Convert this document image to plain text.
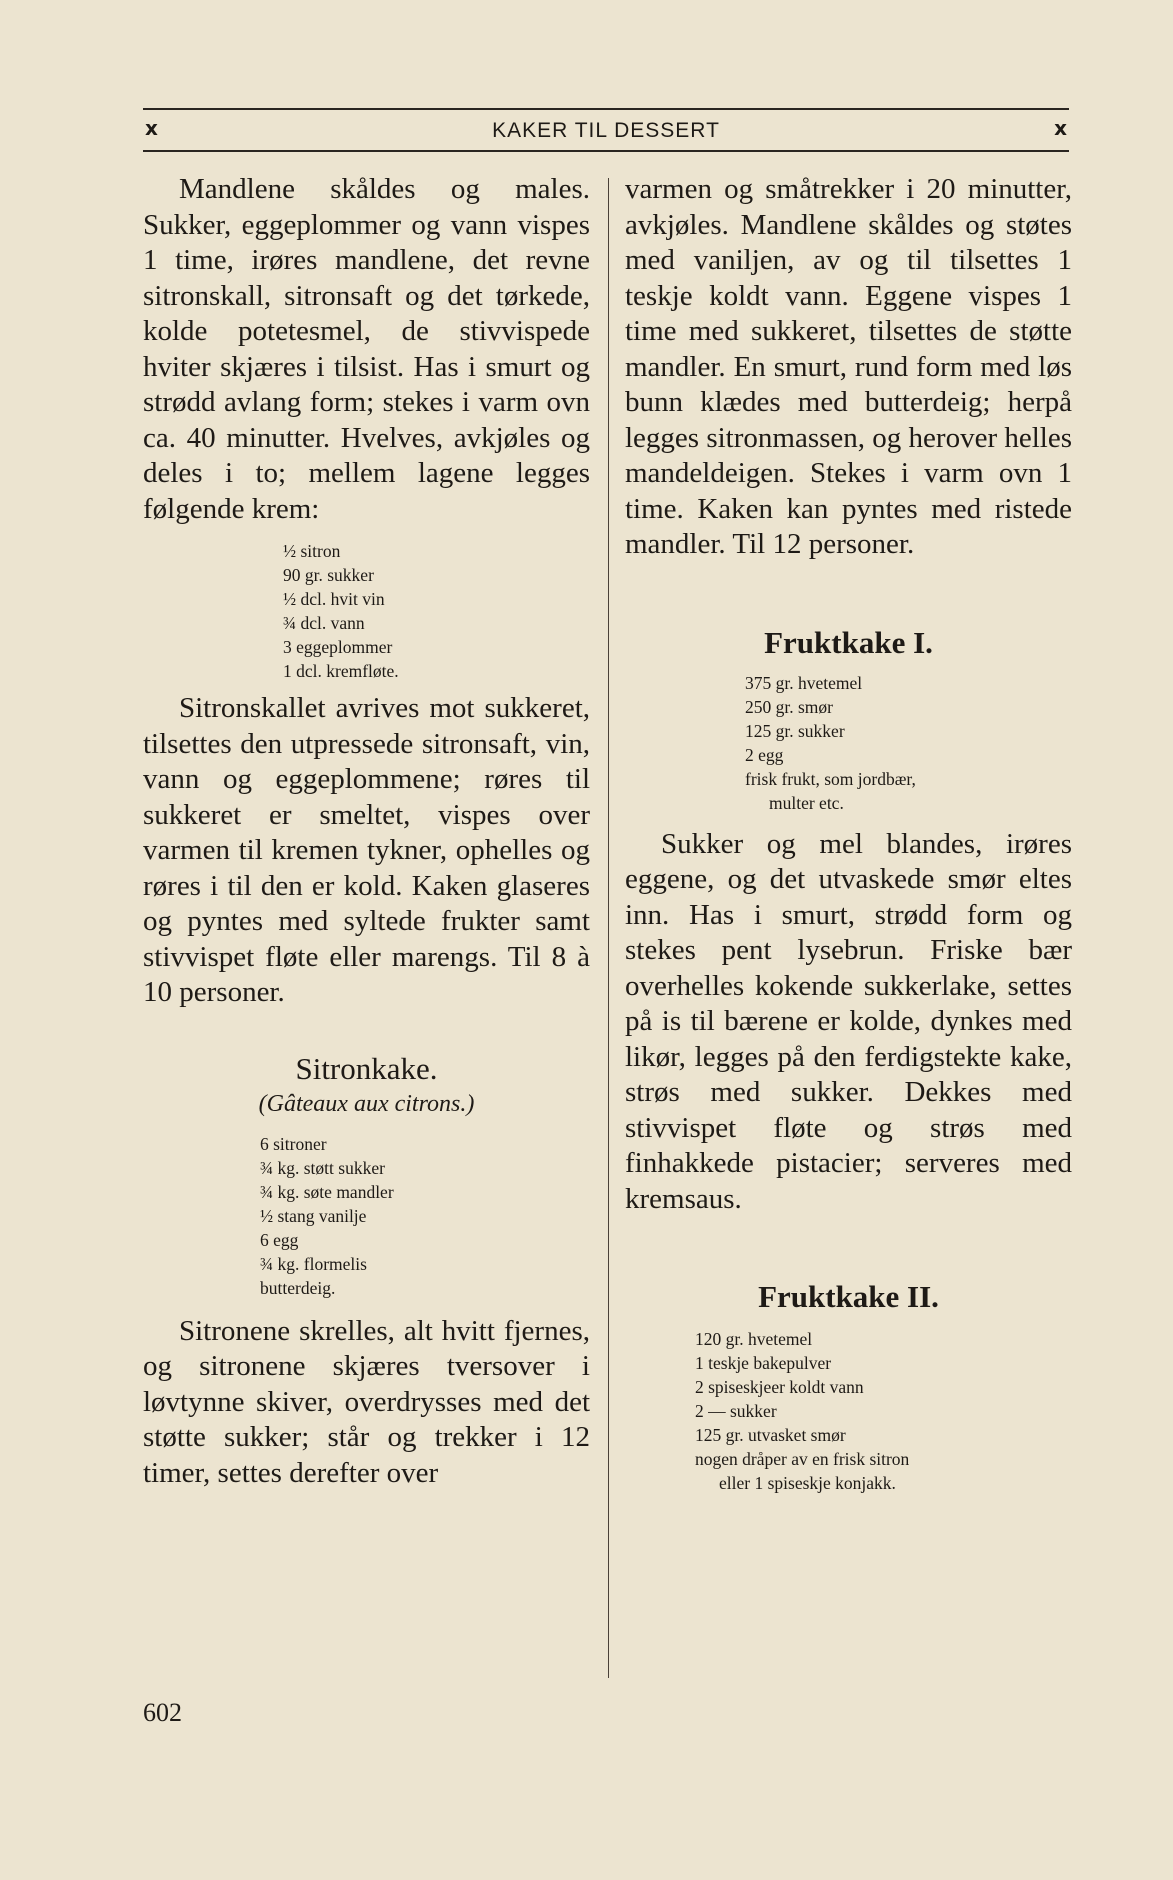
x	KAKER TIL DESSERT	x

Mandlene skåldes og males. Sukker, eggeplommer og vann vispes 1 time, irøres mandlene, det revne sitronskall, sitronsaft og det tørkede, kolde potetesmel, de stivvispede hviter skjæres i tilsist. Has i smurt og strødd avlang form; stekes i varm ovn ca. 40 minutter. Hvelves, avkjøles og deles i to; mellem lagene legges følgende krem:

½ sitron
90 gr. sukker
½ dcl. hvit vin
¾ dcl. vann
3 eggeplommer
1 dcl. kremfløte.

Sitronskallet avrives mot sukkeret, tilsettes den utpressede sitronsaft, vin, vann og eggeplommene; røres til sukkeret er smeltet, vispes over varmen til kremen tykner, ophelles og røres i til den er kold. Kaken glaseres og pyntes med syltede frukter samt stivvispet fløte eller marengs. Til 8 à 10 personer.

Sitronkake.

(Gâteaux aux citrons.)

6 sitroner
¾ kg. støtt sukker
¾ kg. søte mandler
½ stang vanilje
6 egg
¾ kg. flormelis
butterdeig.

Sitronene skrelles, alt hvitt fjernes, og sitronene skjæres tversover i løvtynne skiver, overdrysses med det støtte sukker; står og trekker i 12 timer, settes derefter over

varmen og småtrekker i 20 minutter, avkjøles. Mandlene skåldes og støtes med vaniljen, av og til tilsettes 1 teskje koldt vann. Eggene vispes 1 time med sukkeret, tilsettes de støtte mandler. En smurt, rund form med løs bunn klædes med butterdeig; herpå legges sitronmassen, og herover helles mandeldeigen. Stekes i varm ovn 1 time. Kaken kan pyntes med ristede mandler. Til 12 personer.

Fruktkake I.
375 gr. hvetemel
250 gr. smør
125 gr. sukker
2 egg
frisk frukt, som jordbær,
multer etc.

Sukker og mel blandes, irøres eggene, og det utvaskede smør eltes inn. Has i smurt, strødd form og stekes pent lysebrun. Friske bær overhelles kokende sukkerlake, settes på is til bærene er kolde, dynkes med likør, legges på den ferdigstekte kake, strøs med sukker. Dekkes med stivvispet fløte og strøs med finhakkede pistacier; serveres med kremsaus.

Fruktkake II.
120 gr. hvetemel
1 teskje bakepulver
2 spiseskjeer koldt vann
2 — sukker
125 gr. utvasket smør
nogen dråper av en frisk sitron
eller 1 spiseskje konjakk.
602
